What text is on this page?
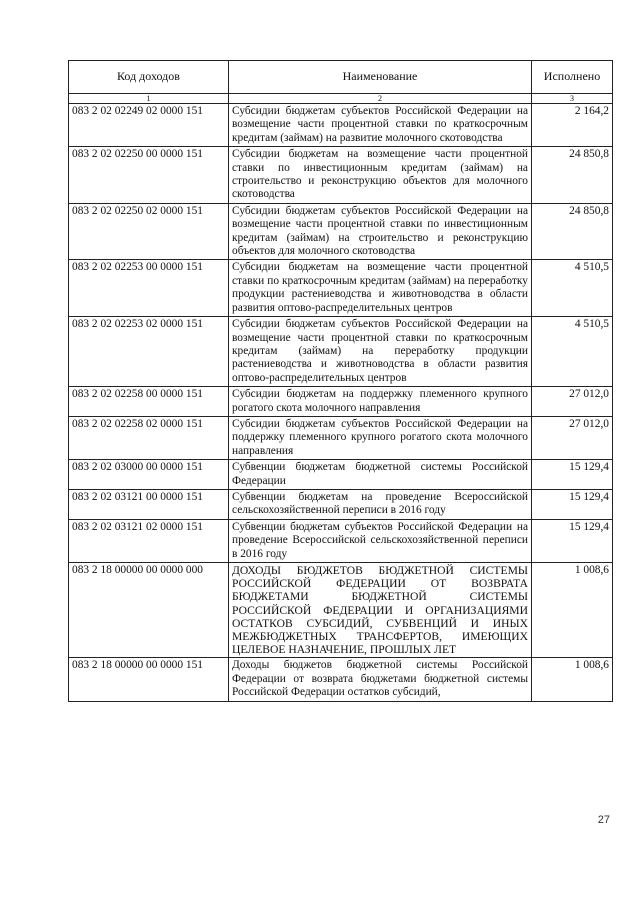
Код доходов	Наименование	Исполнено
1	2	3
083 2 02 02249 02 0000 151	Субсидии бюджетам субъектов Российской Федерации на возмещение части процентной ставки по краткосрочным кредитам (займам) на развитие молочного скотоводства	2 164,2
083 2 02 02250 00 0000 151	Субсидии бюджетам на возмещение части процентной ставки по инвестиционным кредитам (займам) на строительство и реконструкцию объектов для молочного скотоводства	24 850,8
083 2 02 02250 02 0000 151	Субсидии бюджетам субъектов Российской Федерации на возмещение части процентной ставки по инвестиционным кредитам (займам) на строительство и реконструкцию объектов для молочного скотоводства	24 850,8
083 2 02 02253 00 0000 151	Субсидии бюджетам на возмещение части процентной ставки по краткосрочным кредитам (займам) на переработку продукции растениеводства и животноводства в области развития оптово-распределительных центров	4 510,5
083 2 02 02253 02 0000 151	Субсидии бюджетам субъектов Российской Федерации на возмещение части процентной ставки по краткосрочным кредитам (займам) на переработку продукции растениеводства и животноводства в области развития оптово-распределительных центров	4 510,5
083 2 02 02258 00 0000 151	Субсидии бюджетам на поддержку племенного крупного рогатого скота молочного направления	27 012,0
083 2 02 02258 02 0000 151	Субсидии бюджетам субъектов Российской Федерации на поддержку племенного крупного рогатого скота молочного направления	27 012,0
083 2 02 03000 00 0000 151	Субвенции бюджетам бюджетной системы Российской Федерации	15 129,4
083 2 02 03121 00 0000 151	Субвенции бюджетам на проведение Всероссийской сельскохозяйственной переписи в 2016 году	15 129,4
083 2 02 03121 02 0000 151	Субвенции бюджетам субъектов Российской Федерации на проведение Всероссийской сельскохозяйственной переписи в 2016 году	15 129,4
083 2 18 00000 00 0000 000	ДОХОДЫ БЮДЖЕТОВ БЮДЖЕТНОЙ СИСТЕМЫ РОССИЙСКОЙ ФЕДЕРАЦИИ ОТ ВОЗВРАТА БЮДЖЕТАМИ БЮДЖЕТНОЙ СИСТЕМЫ РОССИЙСКОЙ ФЕДЕРАЦИИ И ОРГАНИЗАЦИЯМИ ОСТАТКОВ СУБСИДИЙ, СУБВЕНЦИЙ И ИНЫХ МЕЖБЮДЖЕТНЫХ ТРАНСФЕРТОВ, ИМЕЮЩИХ ЦЕЛЕВОЕ НАЗНАЧЕНИЕ, ПРОШЛЫХ ЛЕТ	1 008,6
083 2 18 00000 00 0000 151	Доходы бюджетов бюджетной системы Российской Федерации от возврата бюджетами бюджетной системы Российской Федерации остатков субсидий,	1 008,6
27
